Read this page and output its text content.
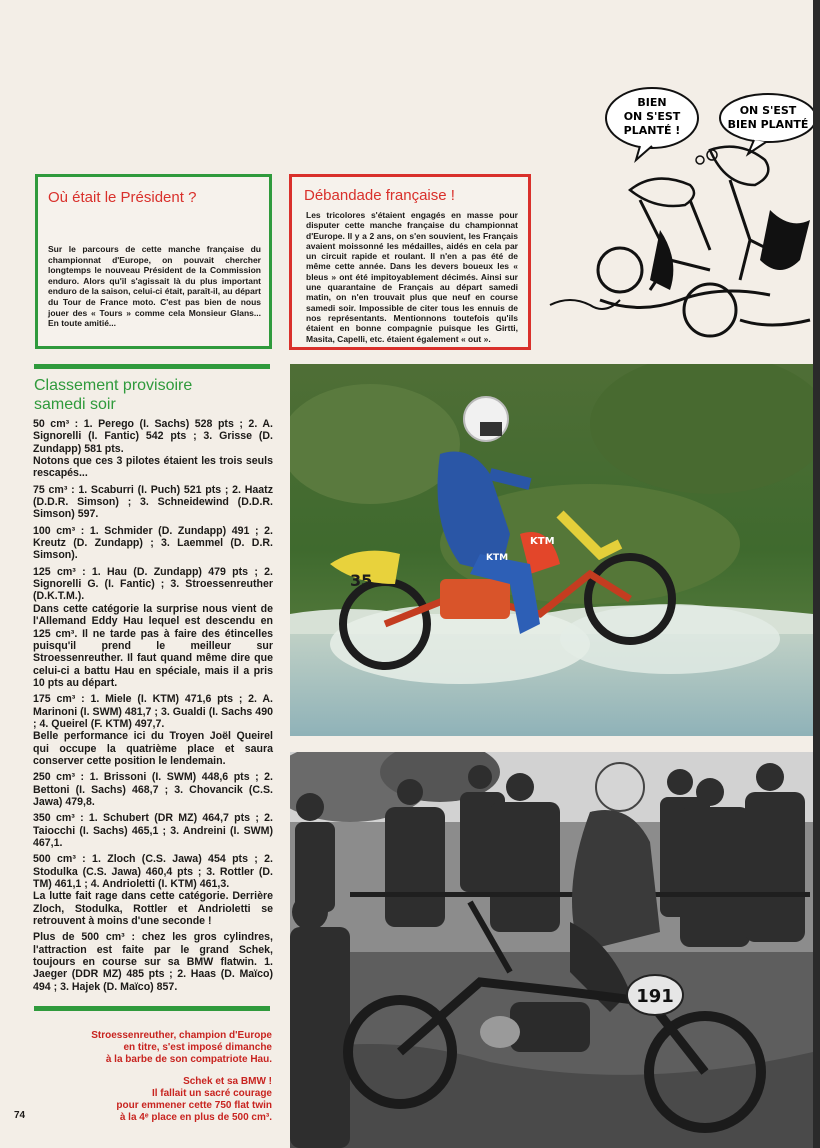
BIEN
ON S'EST
PLANTÉ !
ON S'EST
BIEN PLANTÉ
Où était le Président ?
Sur le parcours de cette manche française du championnat d'Europe, on pouvait chercher longtemps le nouveau Président de la Commission enduro. Alors qu'il s'agissait là du plus important enduro de la saison, celui-ci était, paraît-il, au départ du Tour de France moto. C'est pas bien de nous jouer des « Tours » comme cela Monsieur Glans... En toute amitié...
Débandade française !
Les tricolores s'étaient engagés en masse pour disputer cette manche française du championnat d'Europe. Il y a 2 ans, on s'en souvient, les Français avaient moissonné les médailles, aidés en cela par un circuit rapide et roulant. Il n'en a pas été de même cette année. Dans les devers boueux les « bleus » ont été impitoyablement décimés. Ainsi sur une quarantaine de Français au départ samedi matin, on n'en trouvait plus que neuf en course samedi soir. Impossible de citer tous les ennuis de nos représentants. Mentionnons toutefois qu'ils étaient en bonne compagnie puisque les Girtti, Masita, Capelli, etc. étaient également « out ».
Classement provisoire
samedi soir

50 cm³ : 1. Perego (I. Sachs) 528 pts ; 2. A. Signorelli (I. Fantic) 542 pts ; 3. Grisse (D. Zundapp) 581 pts.

Notons que ces 3 pilotes étaient les trois seuls rescapés...

75 cm³ : 1. Scaburri (I. Puch) 521 pts ; 2. Haatz (D.D.R. Simson) ; 3. Schneidewind (D.D.R. Simson) 597.

100 cm³ : 1. Schmider (D. Zundapp) 491 ; 2. Kreutz (D. Zundapp) ; 3. Laemmel (D. D.R. Simson).

125 cm³ : 1. Hau (D. Zundapp) 479 pts ; 2. Signorelli G. (I. Fantic) ; 3. Stroessenreuther (D.K.T.M.).

Dans cette catégorie la surprise nous vient de l'Allemand Eddy Hau lequel est descendu en 125 cm³. Il ne tarde pas à faire des étincelles puisqu'il prend le meilleur sur Stroessenreuther. Il faut quand même dire que celui-ci a battu Hau en spéciale, mais il a pris 10 pts au départ.

175 cm³ : 1. Miele (I. KTM) 471,6 pts ; 2. A. Marinoni (I. SWM) 481,7 ; 3. Gualdi (I. Sachs 490 ; 4. Queirel (F. KTM) 497,7.

Belle performance ici du Troyen Joël Queirel qui occupe la quatrième place et saura conserver cette position le lendemain.

250 cm³ : 1. Brissoni (I. SWM) 448,6 pts ; 2. Bettoni (I. Sachs) 468,7 ; 3. Chovancik (C.S. Jawa) 479,8.

350 cm³ : 1. Schubert (DR MZ) 464,7 pts ; 2. Taiocchi (I. Sachs) 465,1 ; 3. Andreini (I. SWM) 467,1.

500 cm³ : 1. Zloch (C.S. Jawa) 454 pts ; 2. Stodulka (C.S. Jawa) 460,4 pts ; 3. Rottler (D. TM) 461,1 ; 4. Andrioletti (I. KTM) 461,3.

La lutte fait rage dans cette catégorie. Derrière Zloch, Stodulka, Rottler et Andrioletti se retrouvent à moins d'une seconde !

Plus de 500 cm³ : chez les gros cylindres, l'attraction est faite par le grand Schek, toujours en course sur sa BMW flatwin. 1. Jaeger (DDR MZ) 485 pts ; 2. Haas (D. Maïco) 494 ; 3. Hajek (D. Maïco) 857.

Stroessenreuther, champion d'Europe
en titre, s'est imposé dimanche
à la barbe de son compatriote Hau.
Schek et sa BMW !
Il fallait un sacré courage
pour emmener cette 750 flat twin
à la 4ᵉ place en plus de 500 cm³.
74
35
KTM
KTM
191
